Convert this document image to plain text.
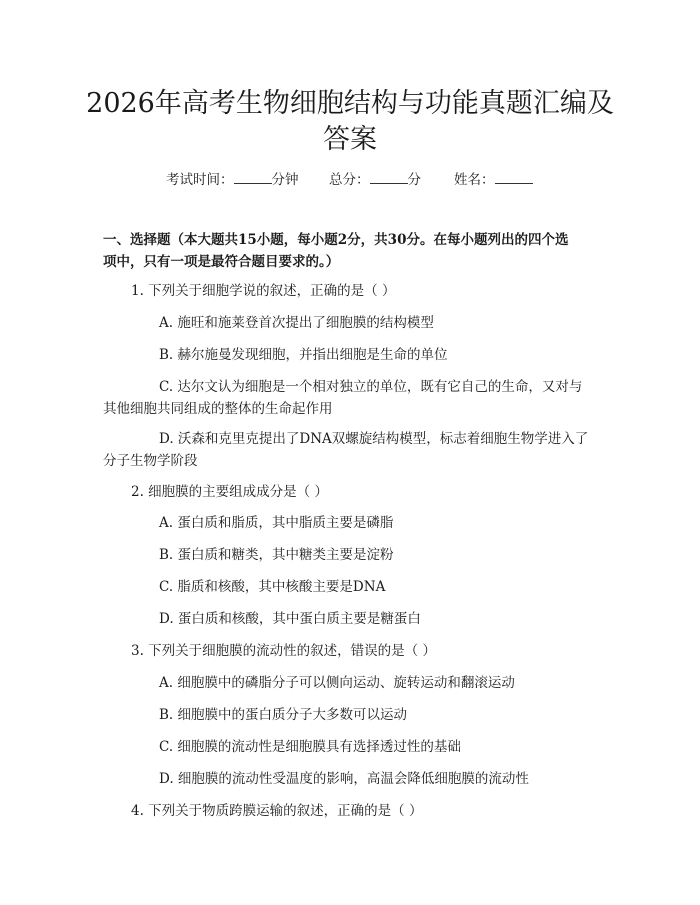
2026年高考生物细胞结构与功能真题汇编及
答案
考试时间：	分钟 总分：	分 姓名：

一、选择题（本大题共15小题，每小题2分，共30分。在每小题列出的四个选
项中，只有一项是最符合题目要求的。）

1. 下列关于细胞学说的叙述，正确的是（ ）
A. 施旺和施莱登首次提出了细胞膜的结构模型
B. 赫尔施曼发现细胞，并指出细胞是生命的单位
C. 达尔文认为细胞是一个相对独立的单位，既有它自己的生命，又对与
其他细胞共同组成的整体的生命起作用
D. 沃森和克里克提出了DNA双螺旋结构模型，标志着细胞生物学进入了
分子生物学阶段
2. 细胞膜的主要组成成分是（ ）
A. 蛋白质和脂质，其中脂质主要是磷脂
B. 蛋白质和糖类，其中糖类主要是淀粉
C. 脂质和核酸，其中核酸主要是DNA
D. 蛋白质和核酸，其中蛋白质主要是糖蛋白
3. 下列关于细胞膜的流动性的叙述，错误的是（ ）
A. 细胞膜中的磷脂分子可以侧向运动、旋转运动和翻滚运动
B. 细胞膜中的蛋白质分子大多数可以运动
C. 细胞膜的流动性是细胞膜具有选择透过性的基础
D. 细胞膜的流动性受温度的影响，高温会降低细胞膜的流动性
4. 下列关于物质跨膜运输的叙述，正确的是（ ）
